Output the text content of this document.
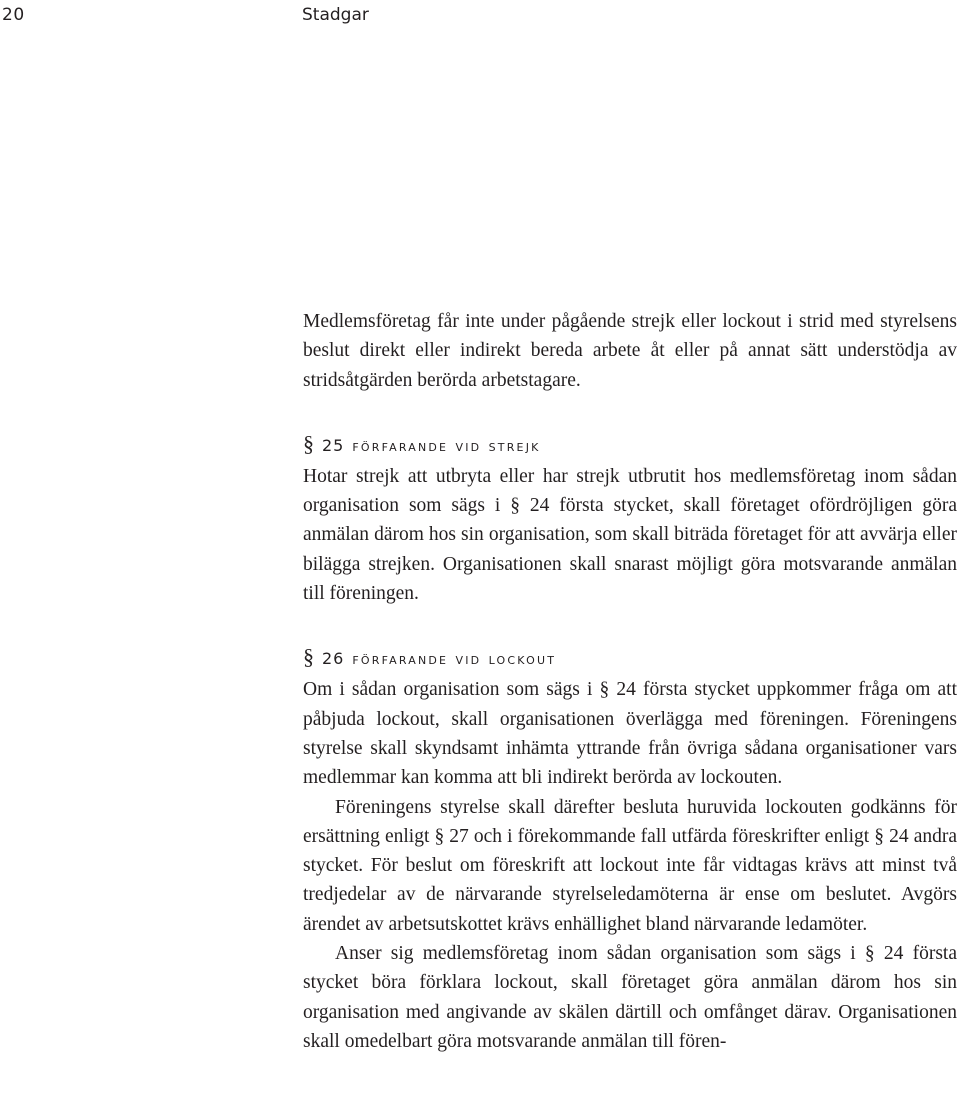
20	Stadgar

Medlemsföretag får inte under pågående strejk eller lockout i strid med styrelsens beslut direkt eller indirekt bereda arbete åt eller på annat sätt understödja av stridsåtgärden berörda arbetstagare.

§ 25 förfarande vid strejk

Hotar strejk att utbryta eller har strejk utbrutit hos medlemsföretag inom sådan organisation som sägs i § 24 första stycket, skall företaget ofördröjligen göra anmälan därom hos sin organisation, som skall biträda företaget för att avvärja eller bilägga strejken. Organisationen skall snarast möjligt göra motsvarande anmälan till föreningen.

§ 26 förfarande vid lockout

Om i sådan organisation som sägs i § 24 första stycket uppkommer fråga om att påbjuda lockout, skall organisationen överlägga med föreningen. Föreningens styrelse skall skyndsamt inhämta yttrande från övriga sådana organisationer vars medlemmar kan komma att bli indirekt berörda av lockouten.

Föreningens styrelse skall därefter besluta huruvida lockouten godkänns för ersättning enligt § 27 och i förekommande fall utfärda föreskrifter enligt § 24 andra stycket. För beslut om föreskrift att lockout inte får vidtagas krävs att minst två tredjedelar av de närvarande styrelseledamöterna är ense om beslutet. Avgörs ärendet av arbetsutskottet krävs enhällighet bland närvarande ledamöter.

Anser sig medlemsföretag inom sådan organisation som sägs i § 24 första stycket böra förklara lockout, skall företaget göra anmälan därom hos sin organisation med angivande av skälen därtill och omfånget därav. Organisationen skall omedelbart göra motsvarande anmälan till fören-
